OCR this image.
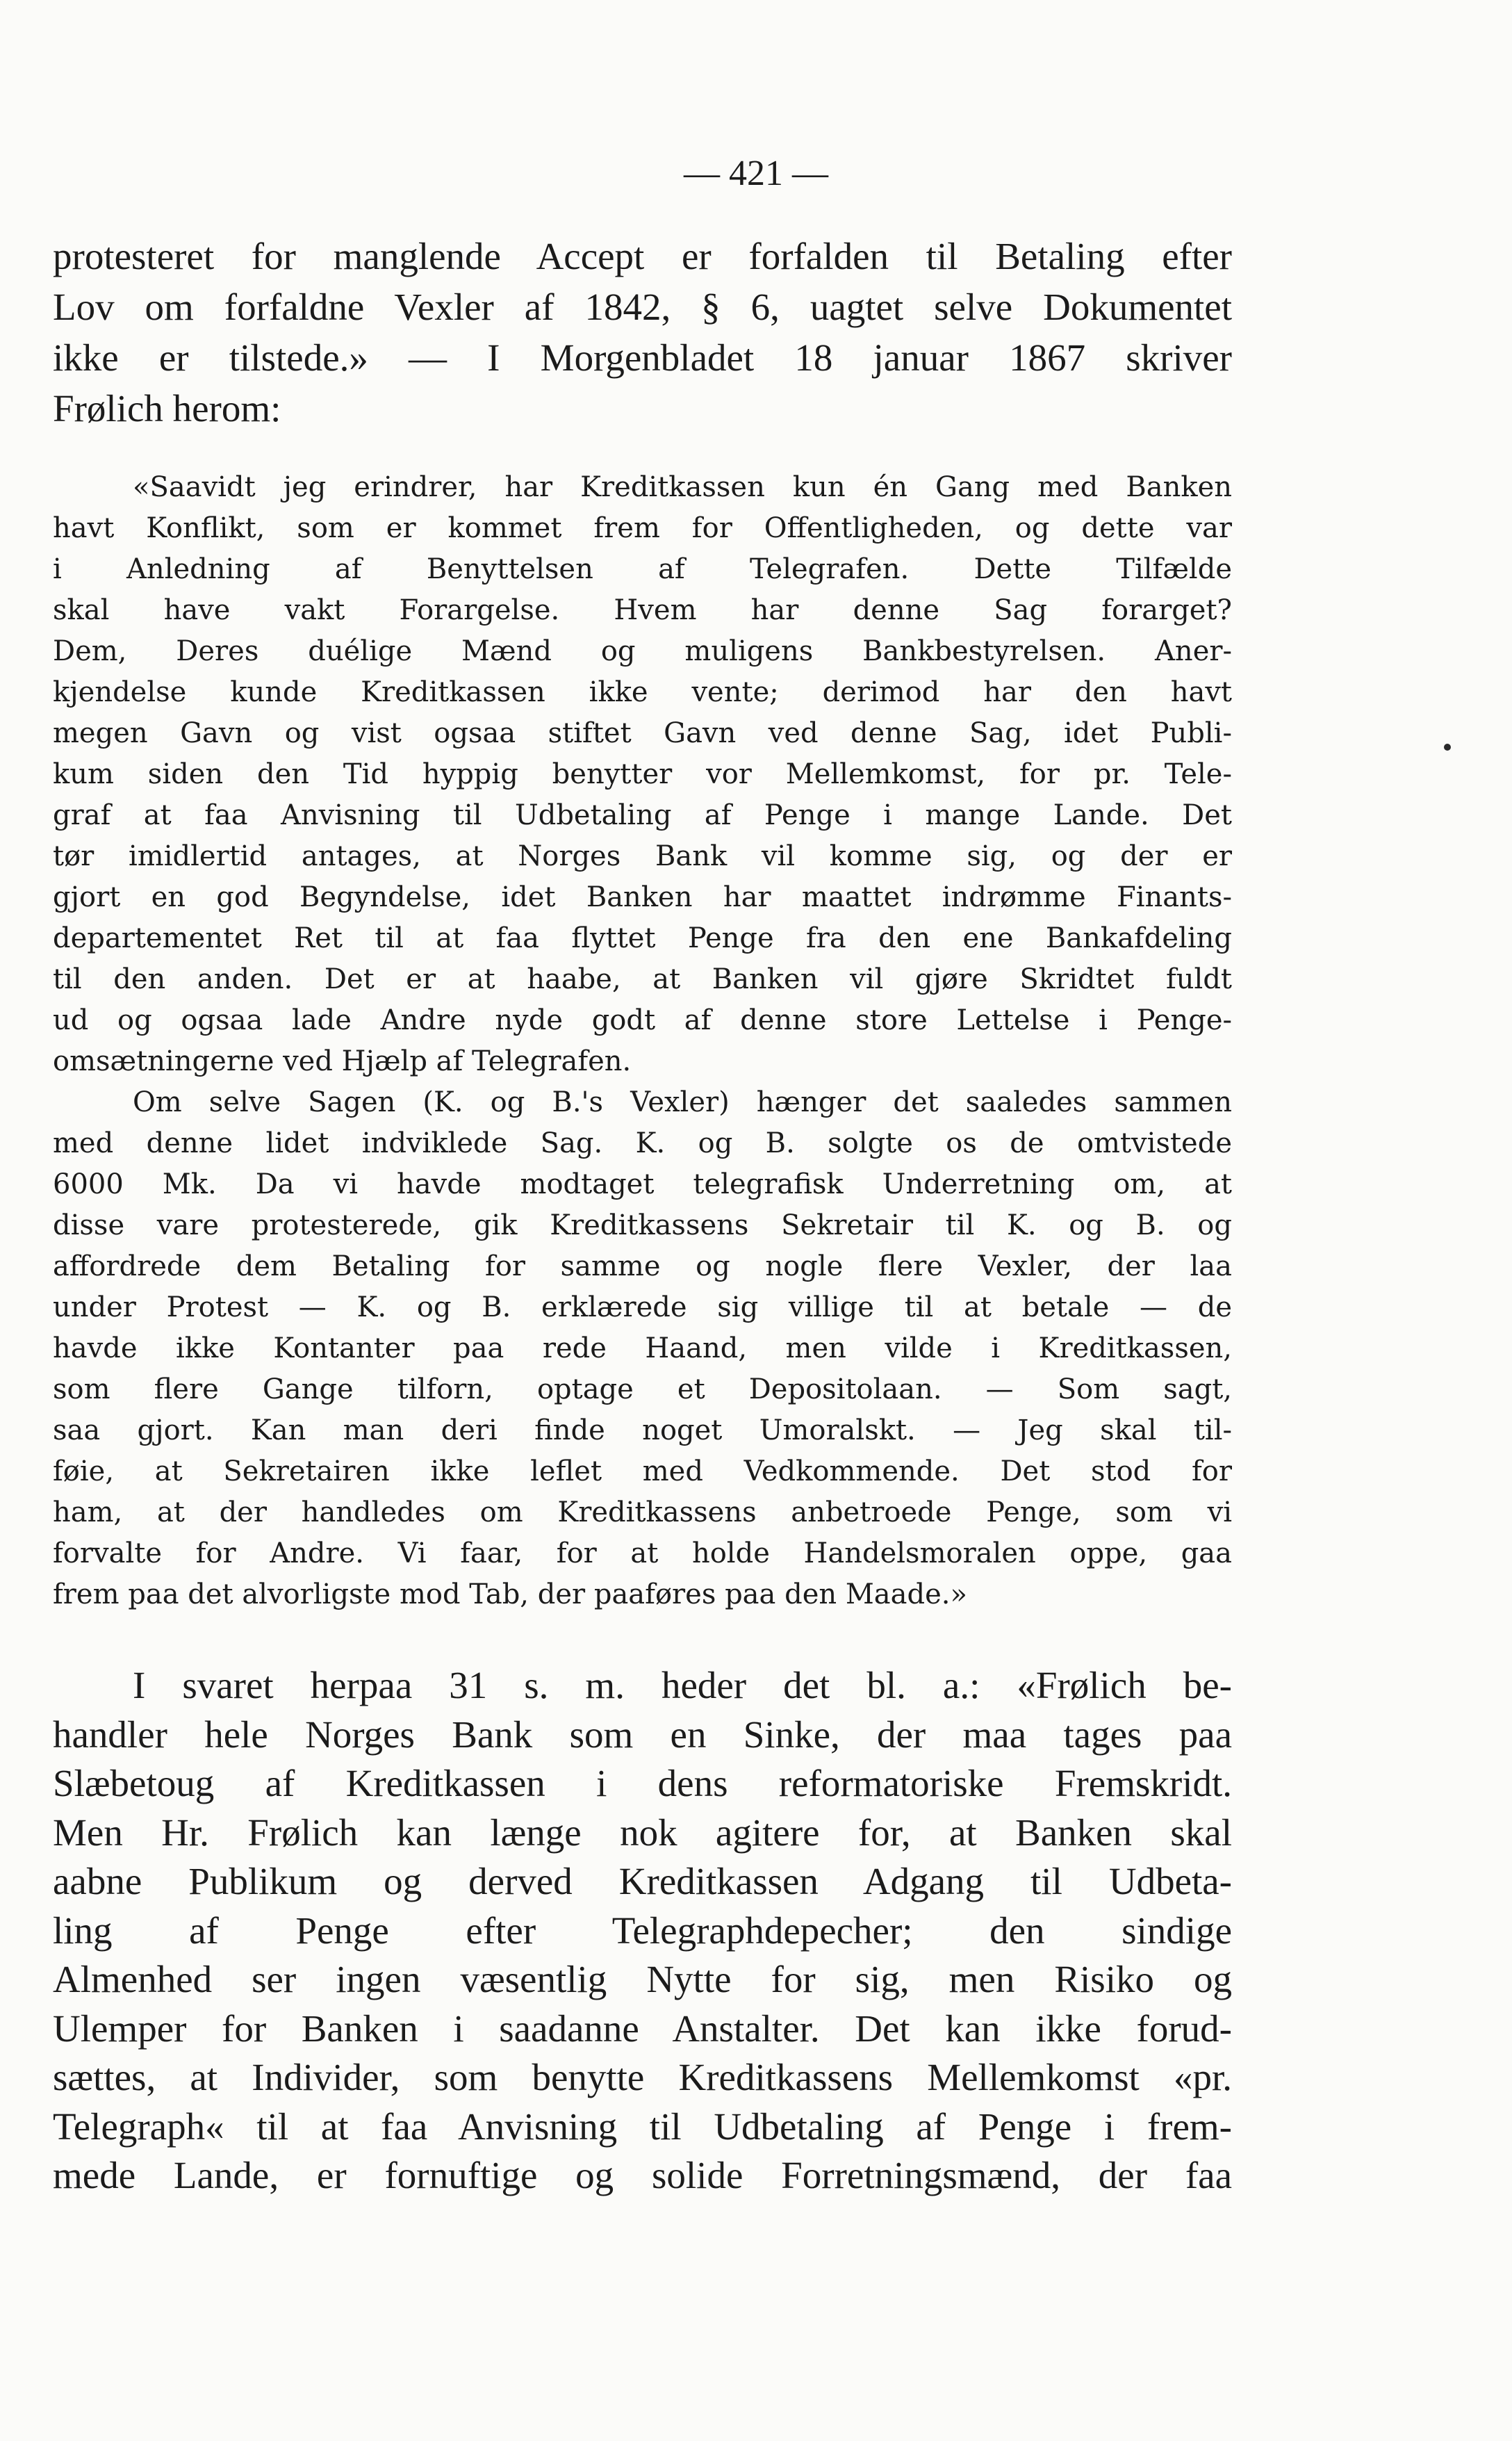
— 421 —
protesteret for manglende Accept er forfalden til Betaling efter
Lov om forfaldne Vexler af 1842, § 6, uagtet selve Dokumentet
ikke er tilstede.» — I Morgenbladet 18 januar 1867 skriver
Frølich herom:
«Saavidt jeg erindrer, har Kreditkassen kun én Gang med Banken
havt Konflikt, som er kommet frem for Offentligheden, og dette var
i Anledning af Benyttelsen af Telegrafen. Dette Tilfælde
skal have vakt Forargelse. Hvem har denne Sag forarget?
Dem, Deres duélige Mænd og muligens Bankbestyrelsen. Aner-
kjendelse kunde Kreditkassen ikke vente; derimod har den havt
megen Gavn og vist ogsaa stiftet Gavn ved denne Sag, idet Publi-
kum siden den Tid hyppig benytter vor Mellemkomst, for pr. Tele-
graf at faa Anvisning til Udbetaling af Penge i mange Lande. Det
tør imidlertid antages, at Norges Bank vil komme sig, og der er
gjort en god Begyndelse, idet Banken har maattet indrømme Finants-
departementet Ret til at faa flyttet Penge fra den ene Bankafdeling
til den anden. Det er at haabe, at Banken vil gjøre Skridtet fuldt
ud og ogsaa lade Andre nyde godt af denne store Lettelse i Penge-
omsætningerne ved Hjælp af Telegrafen.
Om selve Sagen (K. og B.'s Vexler) hænger det saaledes sammen
med denne lidet indviklede Sag. K. og B. solgte os de omtvistede
6000 Mk. Da vi havde modtaget telegrafisk Underretning om, at
disse vare protesterede, gik Kreditkassens Sekretair til K. og B. og
affordrede dem Betaling for samme og nogle flere Vexler, der laa
under Protest — K. og B. erklærede sig villige til at betale — de
havde ikke Kontanter paa rede Haand, men vilde i Kreditkassen,
som flere Gange tilforn, optage et Depositolaan. — Som sagt,
saa gjort. Kan man deri finde noget Umoralskt. — Jeg skal til-
føie, at Sekretairen ikke leflet med Vedkommende. Det stod for
ham, at der handledes om Kreditkassens anbetroede Penge, som vi
forvalte for Andre. Vi faar, for at holde Handelsmoralen oppe, gaa
frem paa det alvorligste mod Tab, der paaføres paa den Maade.»
I svaret herpaa 31 s. m. heder det bl. a.: «Frølich be-
handler hele Norges Bank som en Sinke, der maa tages paa
Slæbetoug af Kreditkassen i dens reformatoriske Fremskridt.
Men Hr. Frølich kan længe nok agitere for, at Banken skal
aabne Publikum og derved Kreditkassen Adgang til Udbeta-
ling af Penge efter Telegraphdepecher; den sindige
Almenhed ser ingen væsentlig Nytte for sig, men Risiko og
Ulemper for Banken i saadanne Anstalter. Det kan ikke forud-
sættes, at Individer, som benytte Kreditkassens Mellemkomst «pr.
Telegraph« til at faa Anvisning til Udbetaling af Penge i frem-
mede Lande, er fornuftige og solide Forretningsmænd, der faa
